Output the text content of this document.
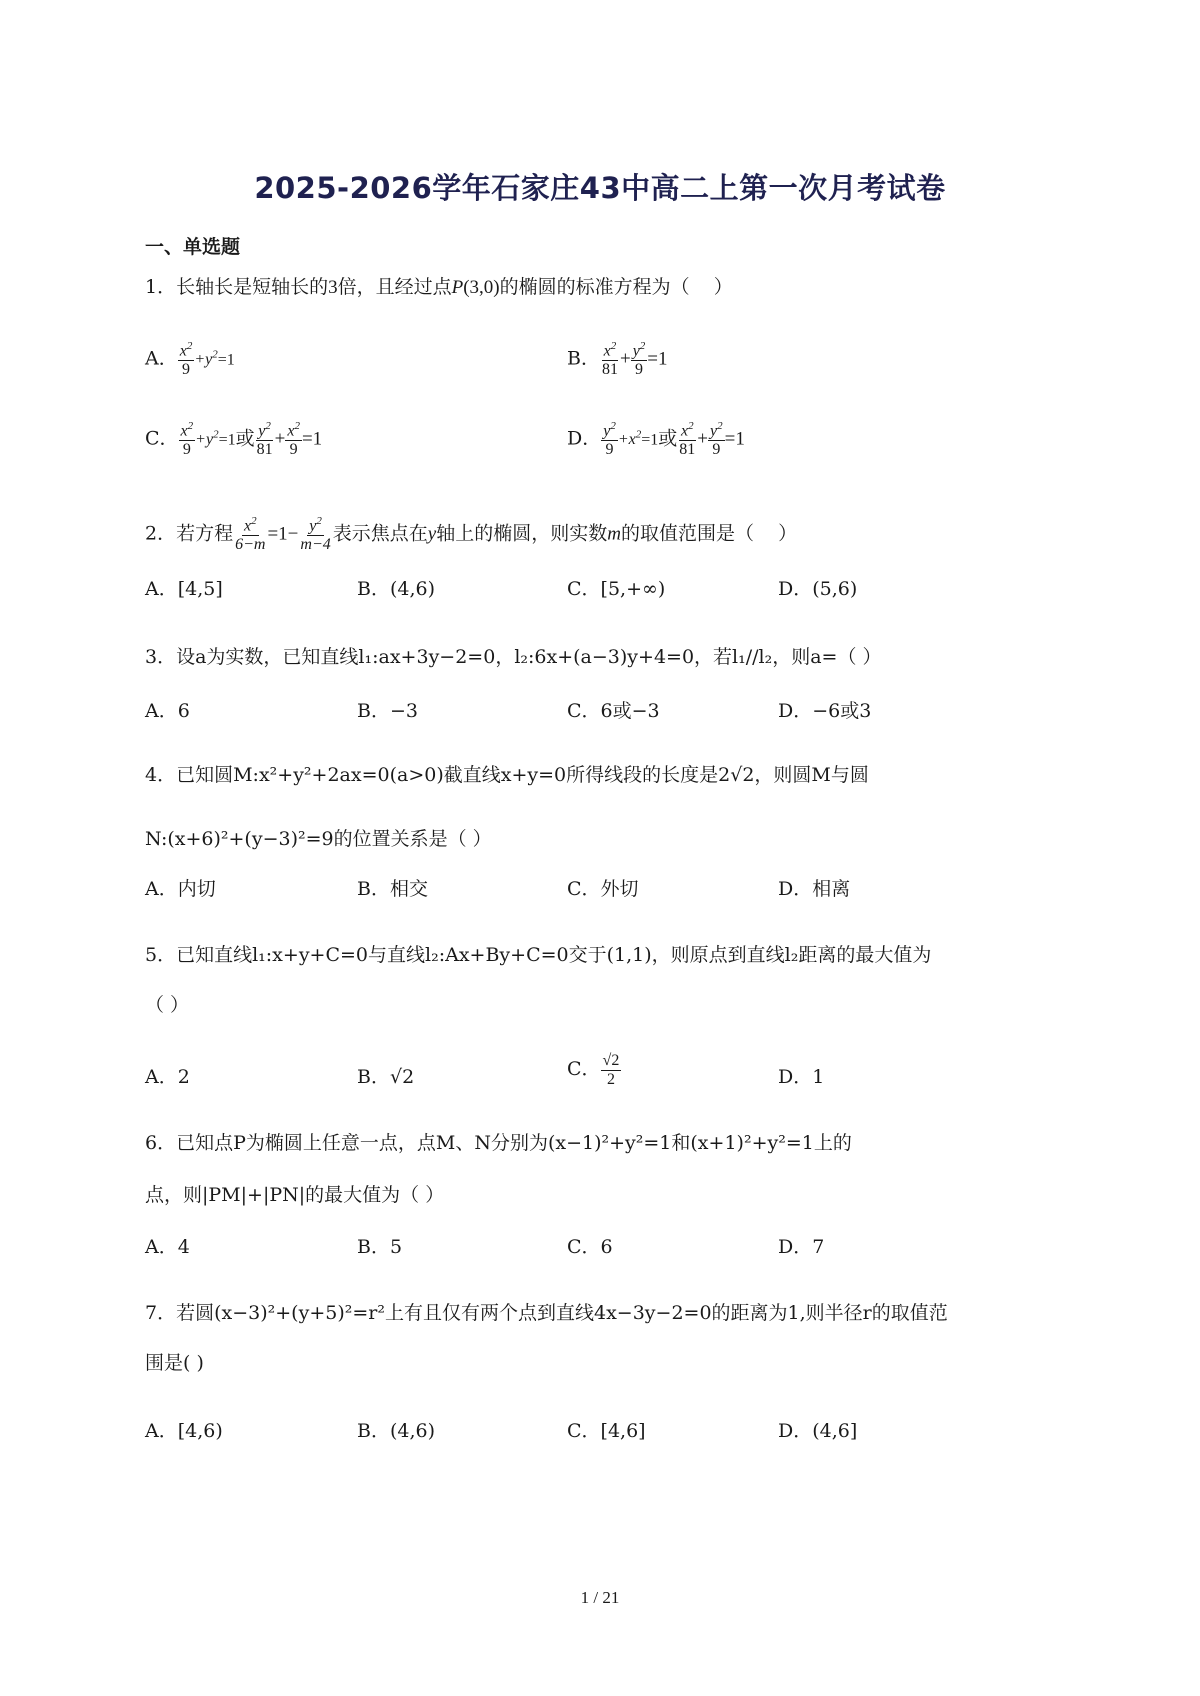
2025-2026学年石家庄43中高二上第一次月考试卷
一、单选题
1．长轴长是短轴长的3倍，且经过点P(3,0)的椭圆的标准方程为（    ）
A． $\frac{x^2}{9} +y^2=1$	B． $\frac{x^2}{81} + \frac{y^2}{9} =1$
C． $\frac{x^2}{9} +y^2=1$或 $\frac{y^2}{81} + \frac{x^2}{9} =1$	D． $\frac{y^2}{9} +x^2=1$或 $\frac{x^2}{81} + \frac{y^2}{9} =1$
2．若方程 $\frac{x^2}{6-m} =1- \frac{y^2}{m-4}$ 表示焦点在y轴上的椭圆，则实数m的取值范围是（    ）
A．[4,5]	B．(4,6)	C．[5,+∞)	D．(5,6)
3．设a为实数，已知直线l₁:ax+3y−2=0，l₂:6x+(a−3)y+4=0，若l₁//l₂，则a=（ ）
A．6	B．−3	C．6或−3	D．−6或3
4．已知圆M:x²+y²+2ax=0(a>0)截直线x+y=0所得线段的长度是2√2，则圆M与圆
N:(x+6)²+(y−3)²=9的位置关系是（ ）
A．内切	B．相交	C．外切	D．相离
5．已知直线l₁:x+y+C=0与直线l₂:Ax+By+C=0交于(1,1)，则原点到直线l₂距离的最大值为
（ ）
A．2	B．√2	C． $\frac{√2}{2}$	D．1
6．已知点P为椭圆上任意一点，点M、N分别为(x−1)²+y²=1和(x+1)²+y²=1上的
点，则|PM|+|PN|的最大值为（ ）
A．4	B．5	C．6	D．7
7．若圆(x−3)²+(y+5)²=r²上有且仅有两个点到直线4x−3y−2=0的距离为1,则半径r的取值范
围是( )
A．[4,6)	B．(4,6)	C．[4,6]	D．(4,6]
1 / 21
